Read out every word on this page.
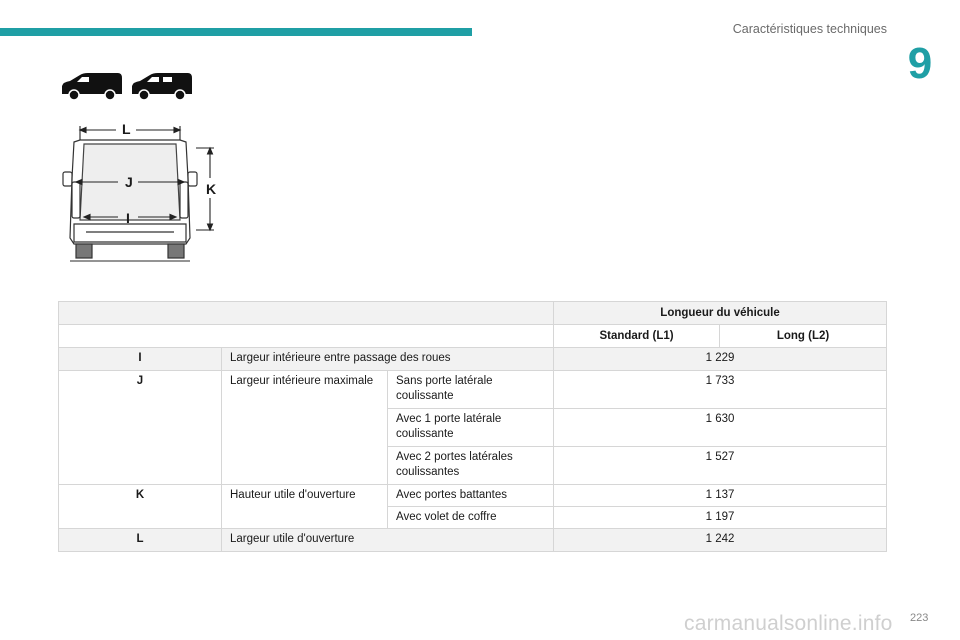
Caractéristiques techniques
9
L
J
I
K
			Longueur du véhicule	
			Standard (L1)	Long (L2)
I	Largeur intérieure entre passage des roues		1 229	
J	Largeur intérieure maximale	Sans porte latérale coulissante	1 733	
		Avec 1 porte latérale coulissante	1 630	
		Avec 2 portes latérales coulissantes	1 527	
K	Hauteur utile d'ouverture	Avec portes battantes	1 137	
		Avec volet de coffre	1 197	
L	Largeur utile d'ouverture		1 242	
carmanualsonline.info 223
